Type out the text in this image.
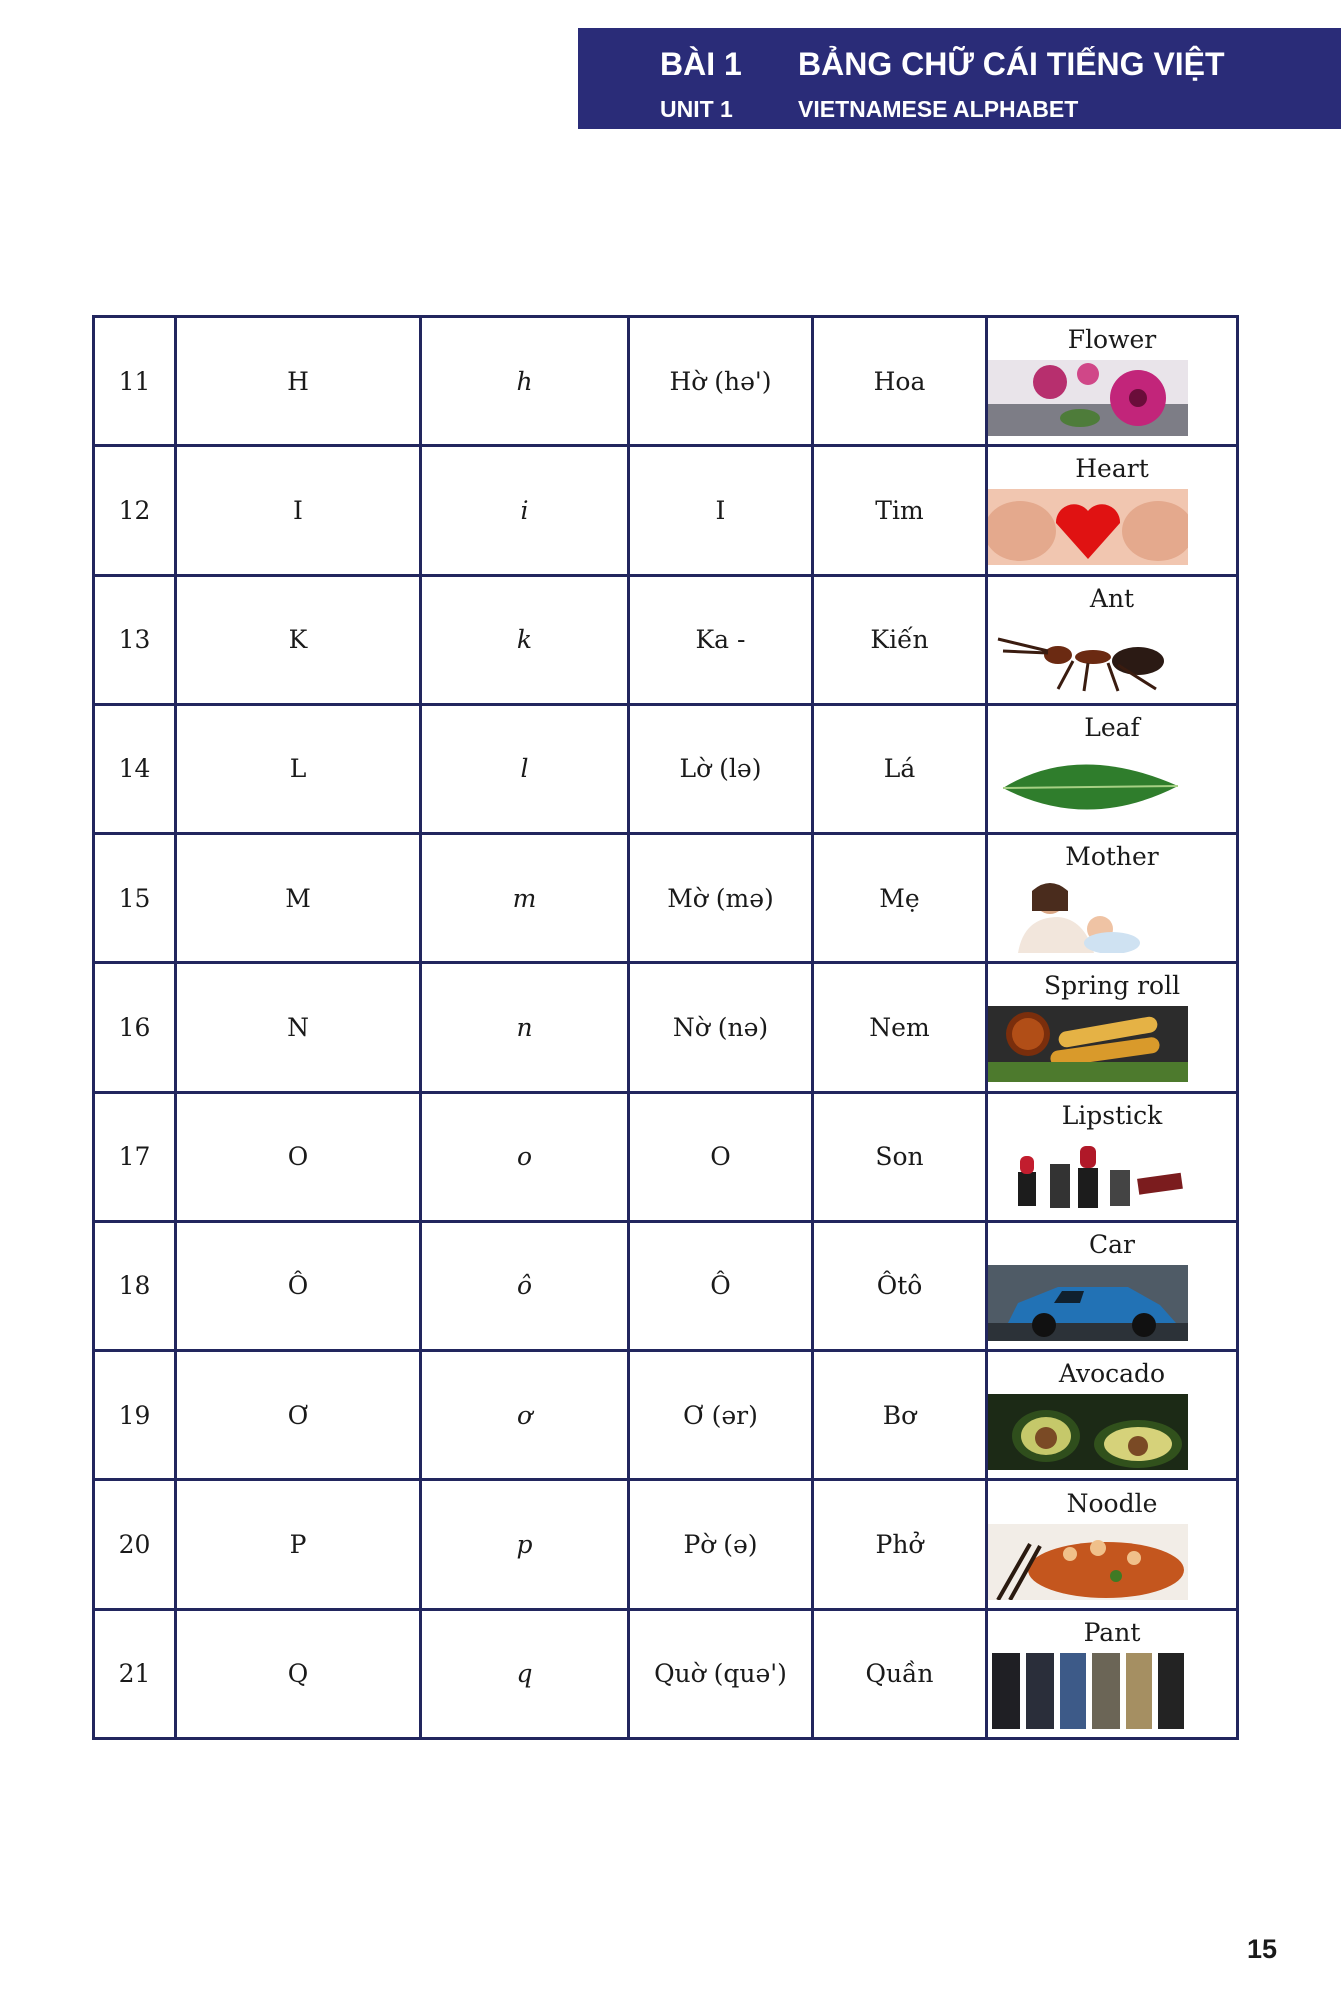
BÀI 1 BẢNG CHỮ CÁI TIẾNG VIỆT
UNIT 1	VIETNAMESE ALPHABET
11	H	h	Hờ (hə')	Hoa	Flower

12	I	i	I	Tim	Heart

13	K	k	Ka -	Kiến	Ant

14	L	l	Lờ (lə)	Lá	Leaf

15	M	m	Mờ (mə)	Mẹ	Mother

16	N	n	Nờ (nə)	Nem	Spring roll

17	O	o	O	Son	Lipstick

18	Ô	ô	Ô	Ôtô	Car

19	Ơ	ơ	Ơ (ər)	Bơ	Avocado

20	P	p	Pờ (ə)	Phở	Noodle

21	Q	q	Quờ (quə')	Quần	Pant
15
